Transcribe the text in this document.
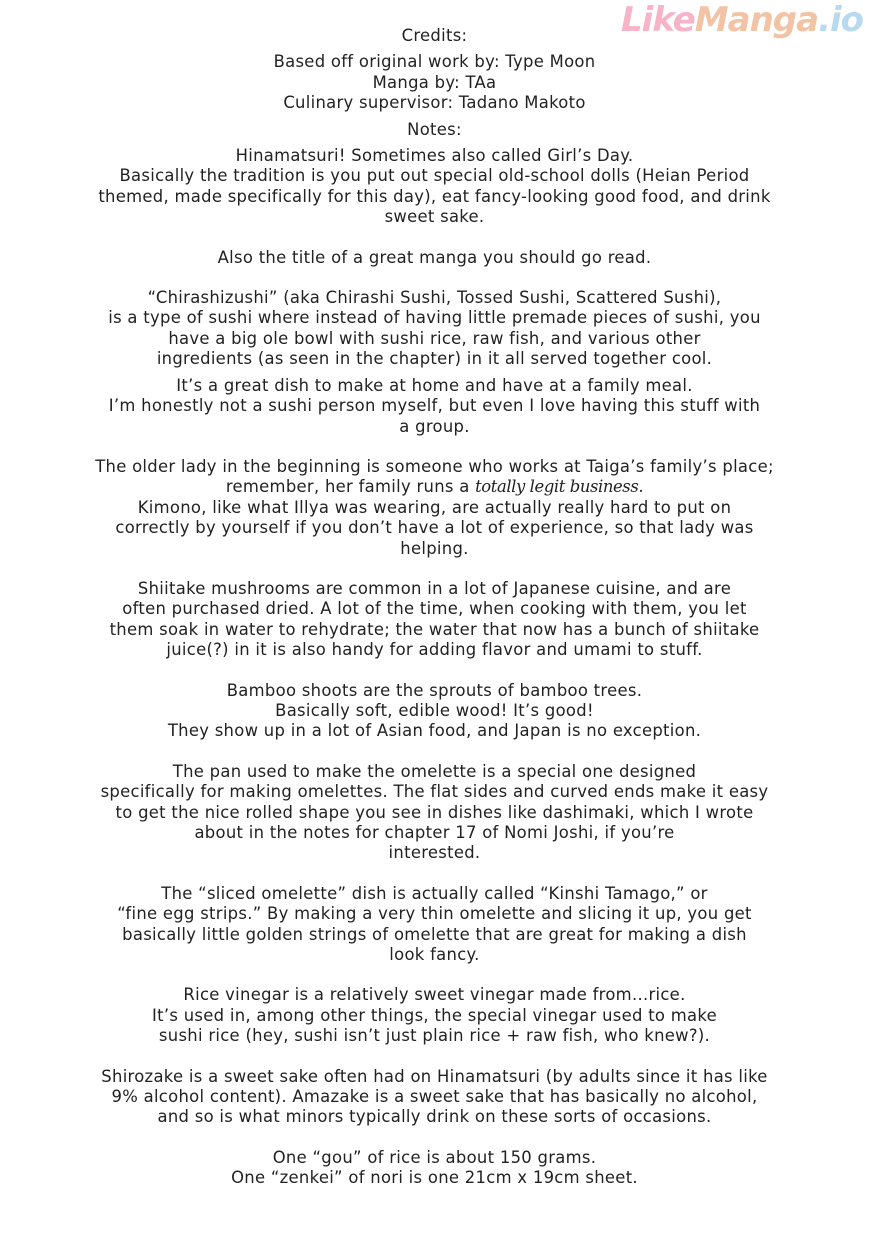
LikeManga.io

Credits:

Based off original work by: Type Moon
Manga by: TAa
Culinary supervisor: Tadano Makoto

Notes:

Hinamatsuri! Sometimes also called Girl’s Day.
Basically the tradition is you put out special old-school dolls (Heian Period
themed, made specifically for this day), eat fancy-looking good food, and drink
sweet sake.

Also the title of a great manga you should go read.

“Chirashizushi” (aka Chirashi Sushi, Tossed Sushi, Scattered Sushi),
is a type of sushi where instead of having little premade pieces of sushi, you
have a big ole bowl with sushi rice, raw fish, and various other
ingredients (as seen in the chapter) in it all served together cool.

It’s a great dish to make at home and have at a family meal.
I’m honestly not a sushi person myself, but even I love having this stuff with
a group.

The older lady in the beginning is someone who works at Taiga’s family’s place;
remember, her family runs a totally legit business.

Kimono, like what Illya was wearing, are actually really hard to put on
correctly by yourself if you don’t have a lot of experience, so that lady was
helping.

Shiitake mushrooms are common in a lot of Japanese cuisine, and are
often purchased dried. A lot of the time, when cooking with them, you let
them soak in water to rehydrate; the water that now has a bunch of shiitake
juice(?) in it is also handy for adding flavor and umami to stuff.

Bamboo shoots are the sprouts of bamboo trees.
Basically soft, edible wood! It’s good!
They show up in a lot of Asian food, and Japan is no exception.

The pan used to make the omelette is a special one designed
specifically for making omelettes. The flat sides and curved ends make it easy
to get the nice rolled shape you see in dishes like dashimaki, which I wrote
about in the notes for chapter 17 of Nomi Joshi, if you’re
interested.

The “sliced omelette” dish is actually called “Kinshi Tamago,” or
“fine egg strips.” By making a very thin omelette and slicing it up, you get
basically little golden strings of omelette that are great for making a dish
look fancy.

Rice vinegar is a relatively sweet vinegar made from...rice.
It’s used in, among other things, the special vinegar used to make
sushi rice (hey, sushi isn’t just plain rice + raw fish, who knew?).

Shirozake is a sweet sake often had on Hinamatsuri (by adults since it has like
9% alcohol content). Amazake is a sweet sake that has basically no alcohol,
and so is what minors typically drink on these sorts of occasions.

One “gou” of rice is about 150 grams.
One “zenkei” of nori is one 21cm x 19cm sheet.
